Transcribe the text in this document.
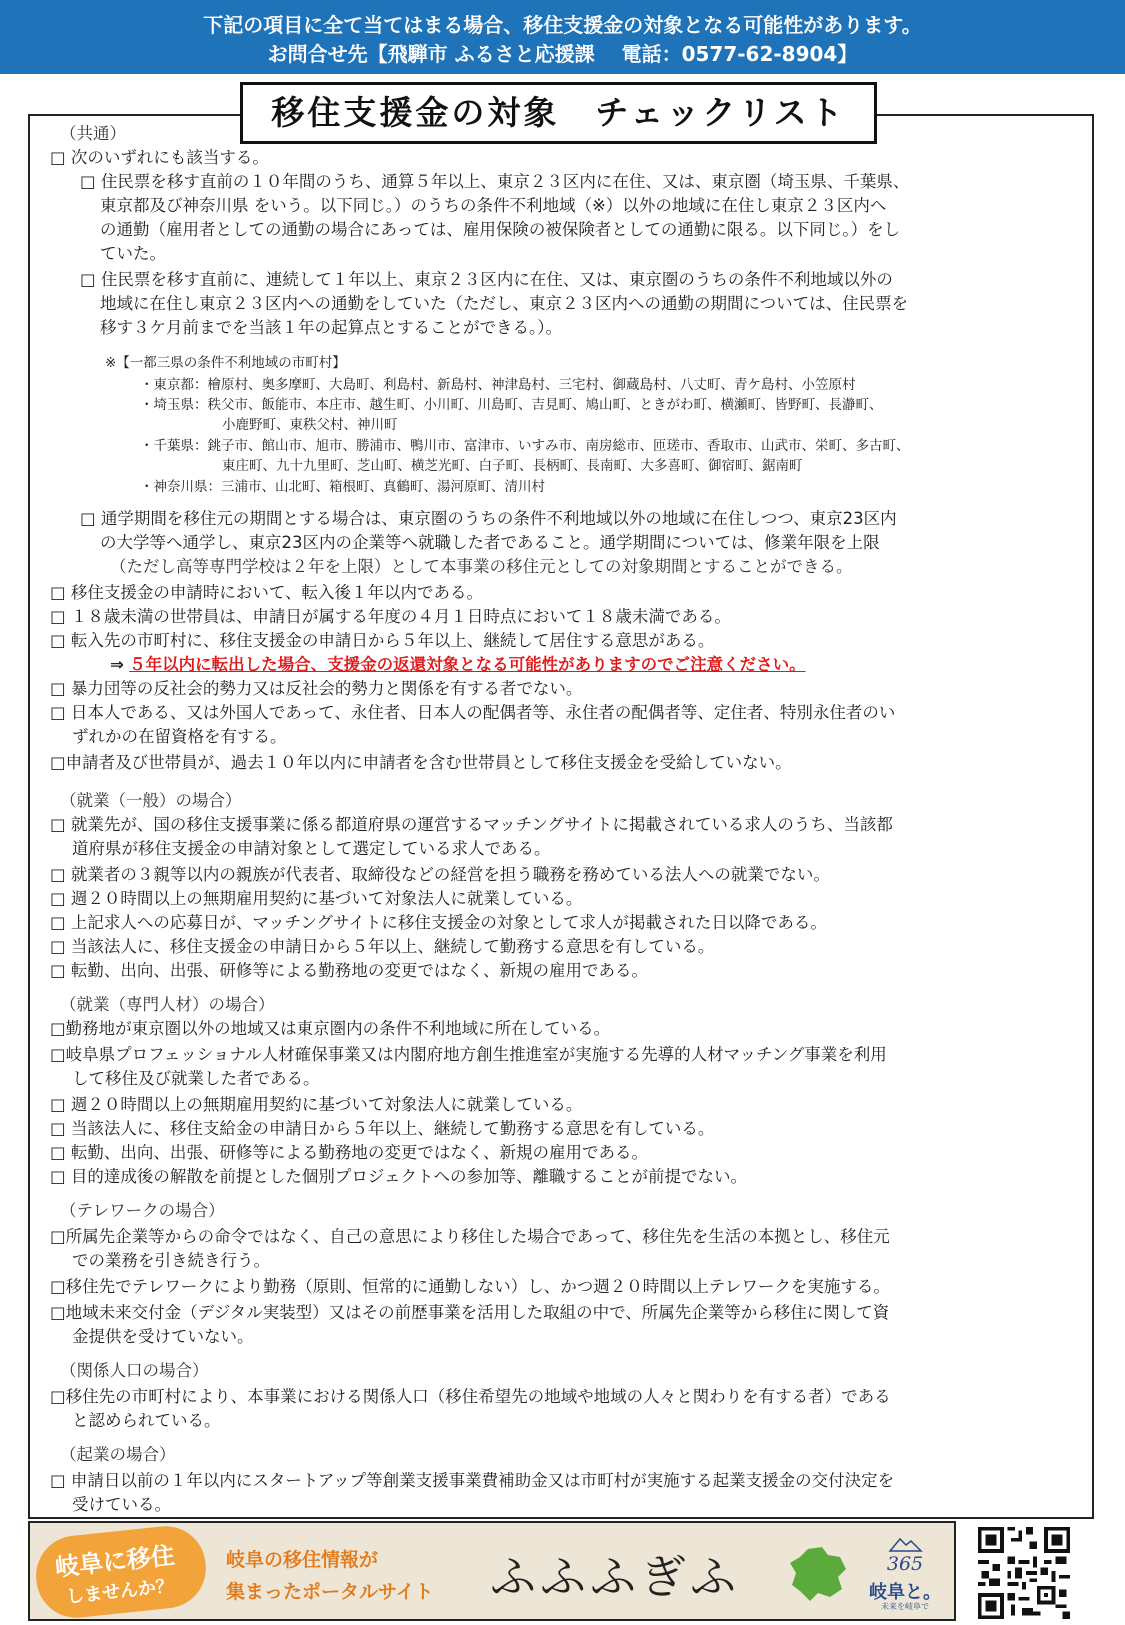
下記の項目に全て当てはまる場合、移住支援金の対象となる可能性があります。
お問合せ先【飛騨市 ふるさと応援課　 電話：0577-62-8904】
移住支援金の対象　チェックリスト
（共通）
□ 次のいずれにも該当する。
□ 住民票を移す直前の１０年間のうち、通算５年以上、東京２３区内に在住、又は、東京圏（埼玉県、千葉県、
東京都及び神奈川県 をいう。以下同じ。）のうちの条件不利地域（※）以外の地域に在住し東京２３区内へ
の通勤（雇用者としての通勤の場合にあっては、雇用保険の被保険者としての通勤に限る。以下同じ。）をし
ていた。
□ 住民票を移す直前に、連続して１年以上、東京２３区内に在住、又は、東京圏のうちの条件不利地域以外の
地域に在住し東京２３区内への通勤をしていた（ただし、東京２３区内への通勤の期間については、住民票を
移す３ケ月前までを当該１年の起算点とすることができる。）。
※【一都三県の条件不利地域の市町村】
・東京都：檜原村、奥多摩町、大島町、利島村、新島村、神津島村、三宅村、御蔵島村、八丈町、青ケ島村、小笠原村
・埼玉県：秩父市、飯能市、本庄市、越生町、小川町、川島町、吉見町、鳩山町、ときがわ町、横瀬町、皆野町、長瀞町、
小鹿野町、東秩父村、神川町
・千葉県：銚子市、館山市、旭市、勝浦市、鴨川市、富津市、いすみ市、南房総市、匝瑳市、香取市、山武市、栄町、多古町、
東庄町、九十九里町、芝山町、横芝光町、白子町、長柄町、長南町、大多喜町、御宿町、鋸南町
・神奈川県：三浦市、山北町、箱根町、真鶴町、湯河原町、清川村
□ 通学期間を移住元の期間とする場合は、東京圏のうちの条件不利地域以外の地域に在住しつつ、東京23区内
の大学等へ通学し、東京23区内の企業等へ就職した者であること。通学期間については、修業年限を上限
（ただし高等専門学校は２年を上限）として本事業の移住元としての対象期間とすることができる。
□ 移住支援金の申請時において、転入後１年以内である。
□ １８歳未満の世帯員は、申請日が属する年度の４月１日時点において１８歳未満である。
□ 転入先の市町村に、移住支援金の申請日から５年以上、継続して居住する意思がある。
□ 暴力団等の反社会的勢力又は反社会的勢力と関係を有する者でない。
□ 日本人である、又は外国人であって、永住者、日本人の配偶者等、永住者の配偶者等、定住者、特別永住者のい
ずれかの在留資格を有する。
□申請者及び世帯員が、過去１０年以内に申請者を含む世帯員として移住支援金を受給していない。
（就業（一般）の場合）
□ 就業先が、国の移住支援事業に係る都道府県の運営するマッチングサイトに掲載されている求人のうち、当該都
道府県が移住支援金の申請対象として選定している求人である。
□ 就業者の３親等以内の親族が代表者、取締役などの経営を担う職務を務めている法人への就業でない。
□ 週２０時間以上の無期雇用契約に基づいて対象法人に就業している。
□ 上記求人への応募日が、マッチングサイトに移住支援金の対象として求人が掲載された日以降である。
□ 当該法人に、移住支援金の申請日から５年以上、継続して勤務する意思を有している。
□ 転勤、出向、出張、研修等による勤務地の変更ではなく、新規の雇用である。
（就業（専門人材）の場合）
□勤務地が東京圏以外の地域又は東京圏内の条件不利地域に所在している。
□岐阜県プロフェッショナル人材確保事業又は内閣府地方創生推進室が実施する先導的人材マッチング事業を利用
して移住及び就業した者である。
□ 週２０時間以上の無期雇用契約に基づいて対象法人に就業している。
□ 当該法人に、移住支給金の申請日から５年以上、継続して勤務する意思を有している。
□ 転勤、出向、出張、研修等による勤務地の変更ではなく、新規の雇用である。
□ 目的達成後の解散を前提とした個別プロジェクトへの参加等、離職することが前提でない。
（テレワークの場合）
□所属先企業等からの命令ではなく、自己の意思により移住した場合であって、移住先を生活の本拠とし、移住元
での業務を引き続き行う。
□移住先でテレワークにより勤務（原則、恒常的に通勤しない）し、かつ週２０時間以上テレワークを実施する。
□地域未来交付金（デジタル実装型）又はその前歴事業を活用した取組の中で、所属先企業等から移住に関して資
金提供を受けていない。
（関係人口の場合）
□移住先の市町村により、本事業における関係人口（移住希望先の地域や地域の人々と関わりを有する者）である
と認められている。
（起業の場合）
□ 申請日以前の１年以内にスタートアップ等創業支援事業費補助金又は市町村が実施する起業支援金の交付決定を
受けている。
⇒ ５年以内に転出した場合、支援金の返還対象となる可能性がありますのでご注意ください。
岐阜に移住
しませんか？
岐阜の移住情報が
集まったポータルサイト ふふふぎふ	365
岐阜と。
未来を岐阜で
